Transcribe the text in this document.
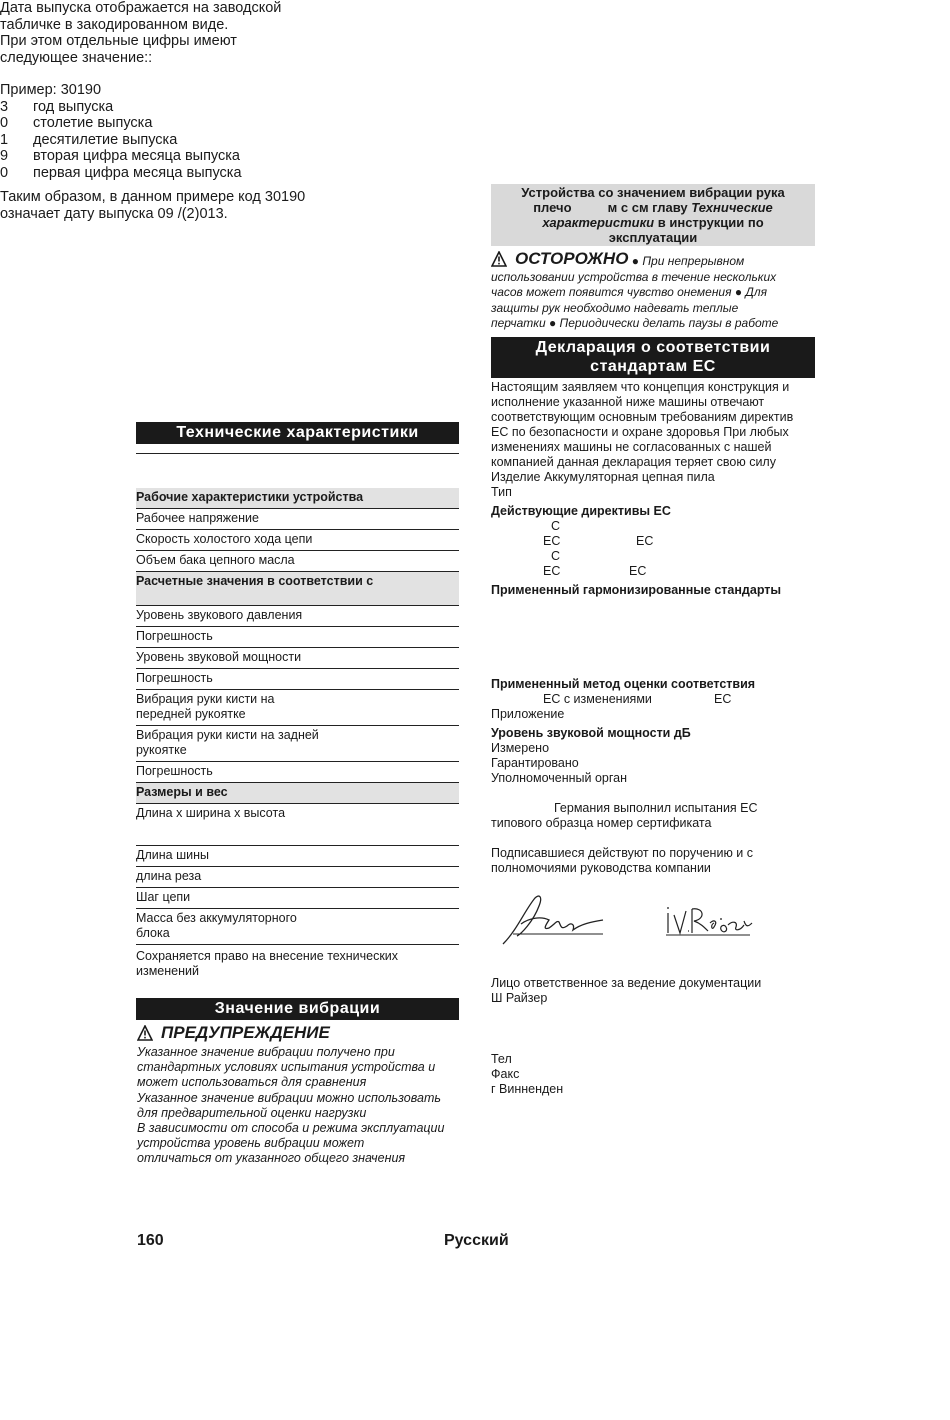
Дата выпуска отображается на заводской

табличке в закодированном виде.

При этом отдельные цифры имеют

следующее значение::

Пример: 30190

3	год выпуска
0	столетие выпуска
1	десятилетие выпуска
9	вторая цифра месяца выпуска
0	первая цифра месяца выпуска

Таким образом, в данном примере код 30190

означает дату выпуска 09 /(2)013.

Технические характеристики
Рабочие характеристики устройства
Рабочее напряжение
Скорость холостого хода цепи
Объем бака цепного масла
Расчетные значения в соответствии с
Уровень звукового давления
Погрешность
Уровень звуковой мощности
Погрешность
Вибрация руки кисти на
передней рукоятке
Вибрация руки кисти на задней
рукоятке
Погрешность
Размеры и вес
Длина х ширина х высота
Длина шины
длина реза
Шаг цепи
Масса без аккумуляторного
блока
Сохраняется право на внесение технических
изменений
Значение вибрации
ПРЕДУПРЕЖДЕНИЕ
Указанное значение вибрации получено при
стандартных условиях испытания устройства и
может использоваться для сравнения
Указанное значение вибрации можно использовать
для предварительной оценки нагрузки
В зависимости от способа и режима эксплуатации
устройства уровень вибрации может
отличаться от указанного общего значения
Устройства со значением вибрации рука
плечо	м с см главу Технические
характеристики в инструкции по
эксплуатации
ОСТОРОЖНО ● При непрерывном
использовании устройства в течение нескольких
часов может появится чувство онемения ● Для
защиты рук необходимо надевать теплые
перчатки ● Периодически делать паузы в работе
Декларация о соответствии
стандартам ЕС
Настоящим заявляем что концепция конструкция и
исполнение указанной ниже машины отвечают
соответствующим основным требованиям директив
ЕС по безопасности и охране здоровья При любых
изменениях машины не согласованных с нашей
компанией данная декларация теряет свою силу
Изделие Аккумуляторная цепная пила
Тип
Действующие директивы ЕС
С
ЕС	ЕС
С
ЕС	ЕС
Примененный гармонизированные стандарты
Примененный метод оценки соответствия
ЕС с изменениями	ЕС
Приложение
Уровень звуковой мощности дБ
Измерено
Гарантировано
Уполномоченный орган
Германия выполнил испытания ЕС
типового образца номер сертификата
Подписавшиеся действуют по поручению и с
полномочиями руководства компании
Лицо ответственное за ведение документации
Ш Райзер
Тел
Факс
г Винненден
160	Русский
